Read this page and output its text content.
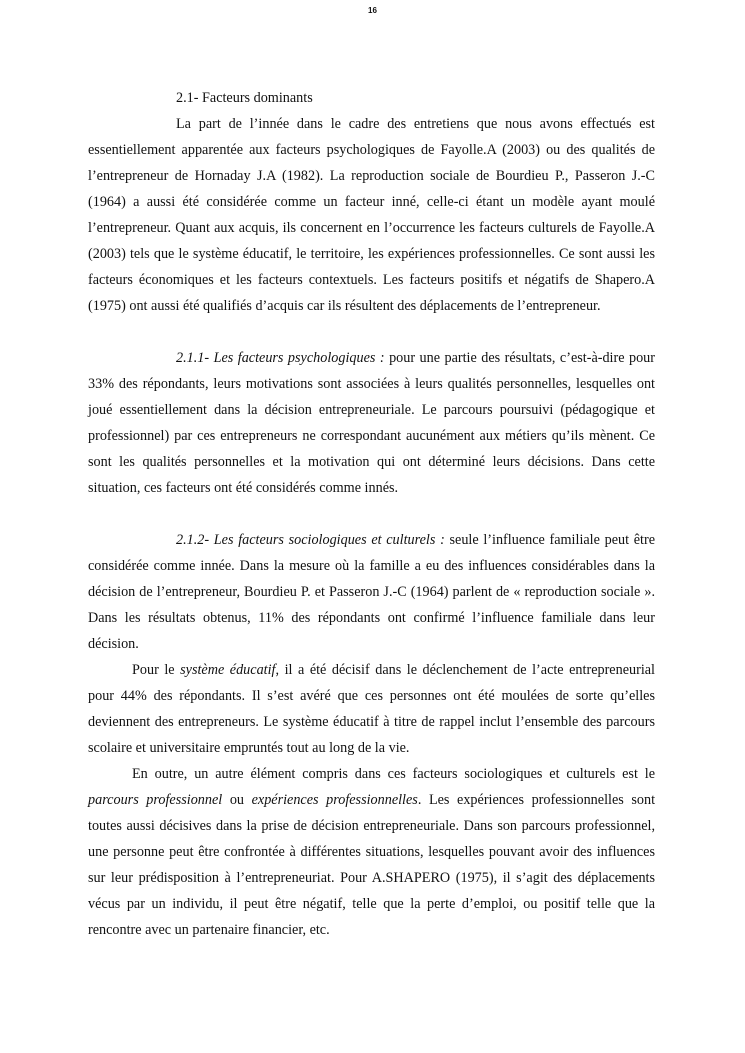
16

2.1- Facteurs dominants

La part de l’innée dans le cadre des entretiens que nous avons effectués est essentiellement apparentée aux facteurs psychologiques de Fayolle.A (2003) ou des qualités de l’entrepreneur de Hornaday J.A (1982). La reproduction sociale de Bourdieu P., Passeron J.-C (1964) a aussi été considérée comme un facteur inné, celle-ci étant un modèle ayant moulé l’entrepreneur. Quant aux acquis, ils concernent en l’occurrence les facteurs culturels de Fayolle.A (2003) tels que le système éducatif, le territoire, les expériences professionnelles. Ce sont aussi les facteurs économiques et les facteurs contextuels. Les facteurs positifs et négatifs de Shapero.A (1975) ont aussi été qualifiés d’acquis car ils résultent des déplacements de l’entrepreneur.

2.1.1- Les facteurs psychologiques : pour une partie des résultats, c’est-à-dire pour 33% des répondants, leurs motivations sont associées à leurs qualités personnelles, lesquelles ont joué essentiellement dans la décision entrepreneuriale. Le parcours poursuivi (pédagogique et professionnel) par ces entrepreneurs ne correspondant aucunément aux métiers qu’ils mènent. Ce sont les qualités personnelles et la motivation qui ont déterminé leurs décisions. Dans cette situation, ces facteurs ont été considérés comme innés.

2.1.2- Les facteurs sociologiques et culturels : seule l’influence familiale peut être considérée comme innée. Dans la mesure où la famille a eu des influences considérables dans la décision de l’entrepreneur, Bourdieu P. et Passeron J.-C (1964) parlent de « reproduction sociale ». Dans les résultats obtenus, 11% des répondants ont confirmé l’influence familiale dans leur décision.

Pour le système éducatif, il a été décisif dans le déclenchement de l’acte entrepreneurial pour 44% des répondants. Il s’est avéré que ces personnes ont été moulées de sorte qu’elles deviennent des entrepreneurs. Le système éducatif à titre de rappel inclut l’ensemble des parcours scolaire et universitaire empruntés tout au long de la vie.

En outre, un autre élément compris dans ces facteurs sociologiques et culturels est le parcours professionnel ou expériences professionnelles. Les expériences professionnelles sont toutes aussi décisives dans la prise de décision entrepreneuriale. Dans son parcours professionnel, une personne peut être confrontée à différentes situations, lesquelles pouvant avoir des influences sur leur prédisposition à l’entrepreneuriat. Pour A.SHAPERO (1975), il s’agit des déplacements vécus par un individu, il peut être négatif, telle que la perte d’emploi, ou positif telle que la rencontre avec un partenaire financier, etc.
